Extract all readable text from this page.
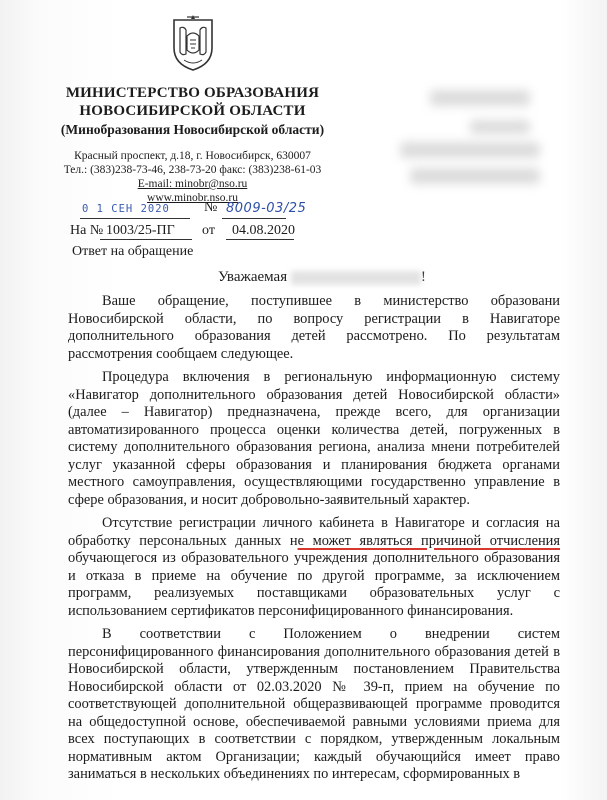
МИНИСТЕРСТВО ОБРАЗОВАНИЯ
НОВОСИБИРСКОЙ ОБЛАСТИ
(Минобразования Новосибирской области)
Красный проспект, д.18, г. Новосибирск, 630007
Тел.: (383)238-73-46, 238-73-20 факс: (383)238-61-03
E-mail: minobr@nso.ru
www.minobr.nso.ru
0 1 СЕН 2020 № 8009-03/25
На № 1003/25-ПГ от 04.08.2020
Ответ на обращение
Уважаемая	!

Ваше обращение, поступившее в министерство образовани Новосибирской области, по вопросу регистрации в Навигаторе дополнительного образования детей рассмотрено. По результатам рассмотрения сообщаем следующее.

Процедура включения в региональную информационную систему «Навигатор дополнительного образования детей Новосибирской области» (далее – Навигатор) предназначена, прежде всего, для организации автоматизированного процесса оценки количества детей, погруженных в систему дополнительного образования региона, анализа мнени потребителей услуг указанной сферы образования и планирования бюджета органами местного самоуправления, осуществляющими государственно управление в сфере образования, и носит добровольно-заявительный характер.

Отсутствие регистрации личного кабинета в Навигаторе и согласия на обработку персональных данных не может являться причиной отчисления обучающегося из образовательного учреждения дополнительного образования и отказа в приеме на обучение по другой программе, за исключением программ, реализуемых поставщиками образовательных услуг с использованием сертификатов персонифицированного финансирования.

В соответствии с Положением о внедрении систем персонифицированного финансирования дополнительного образования детей в Новосибирской области, утвержденным постановлением Правительства Новосибирской области от 02.03.2020 № 39-п, прием на обучение по соответствующей дополнительной общеразвивающей программе проводится на общедоступной основе, обеспечиваемой равными условиями приема для всех поступающих в соответствии с порядком, утвержденным локальным нормативным актом Организации; каждый обучающийся имеет право заниматься в нескольких объединениях по интересам, сформированных в
